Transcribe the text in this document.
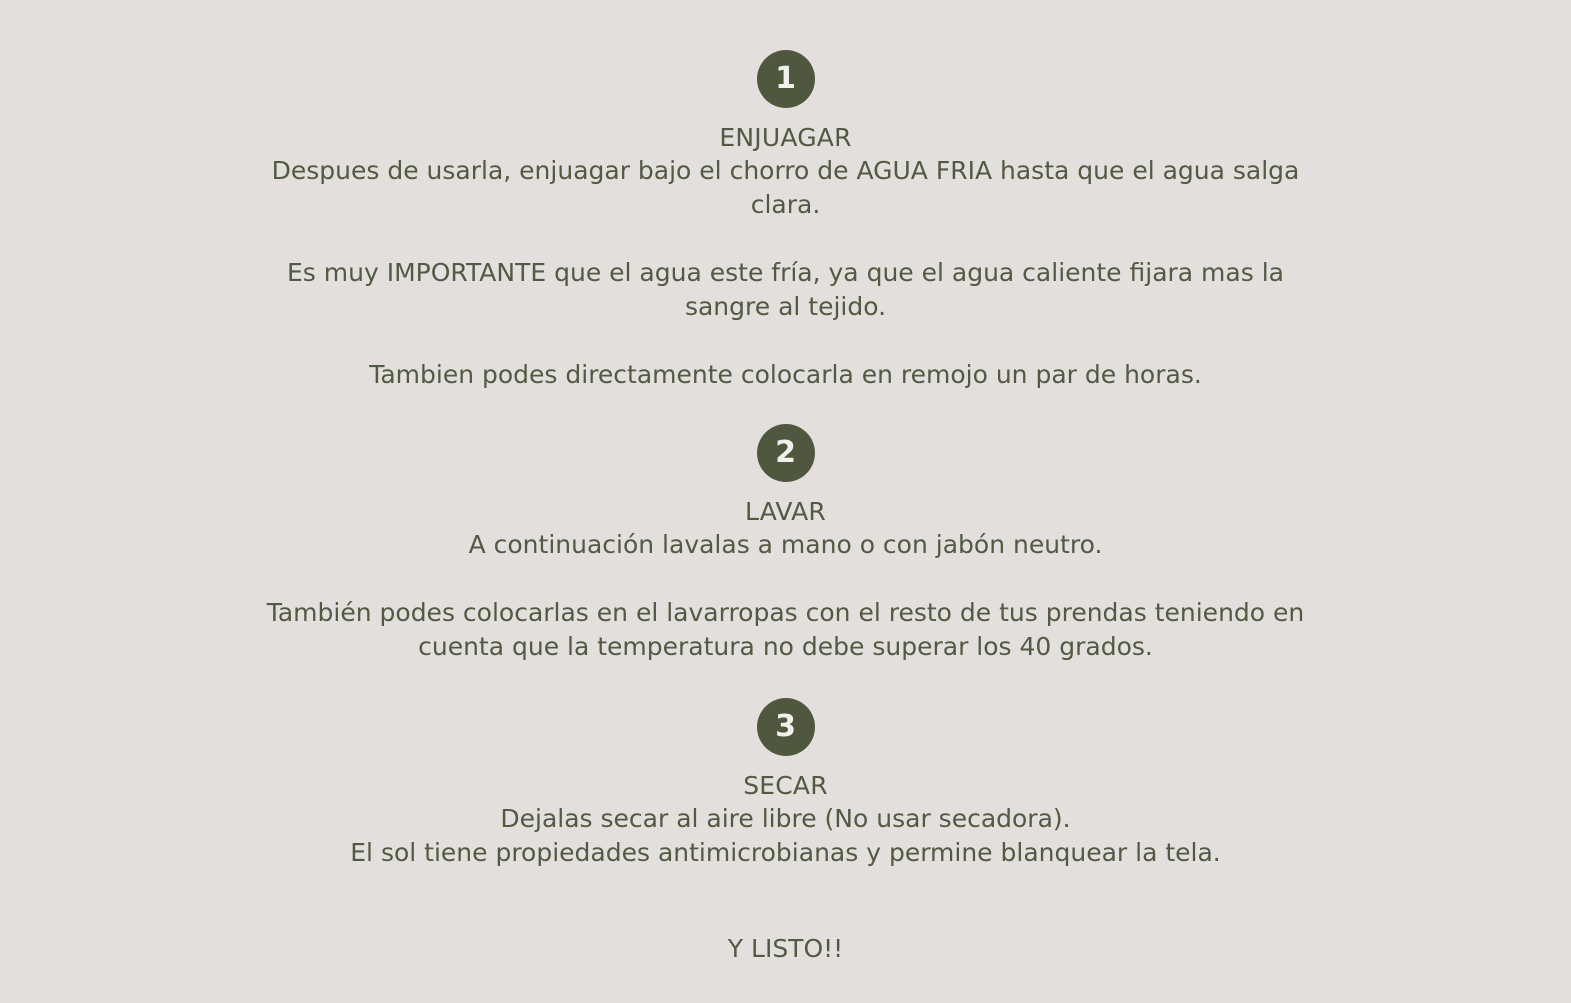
1
ENJUAGAR
Despues de usarla, enjuagar bajo el chorro de AGUA FRIA hasta que el agua salga clara.
Es muy IMPORTANTE que el agua este fría, ya que el agua caliente fijara mas la sangre al tejido.
Tambien podes directamente colocarla en remojo un par de horas.
2
LAVAR
A continuación lavalas a mano o con jabón neutro.
También podes colocarlas en el lavarropas con el resto de tus prendas teniendo en cuenta que la temperatura no debe superar los 40 grados.
3
SECAR
Dejalas secar al aire libre (No usar secadora).
El sol tiene propiedades antimicrobianas y permine blanquear la tela.
Y LISTO!!
